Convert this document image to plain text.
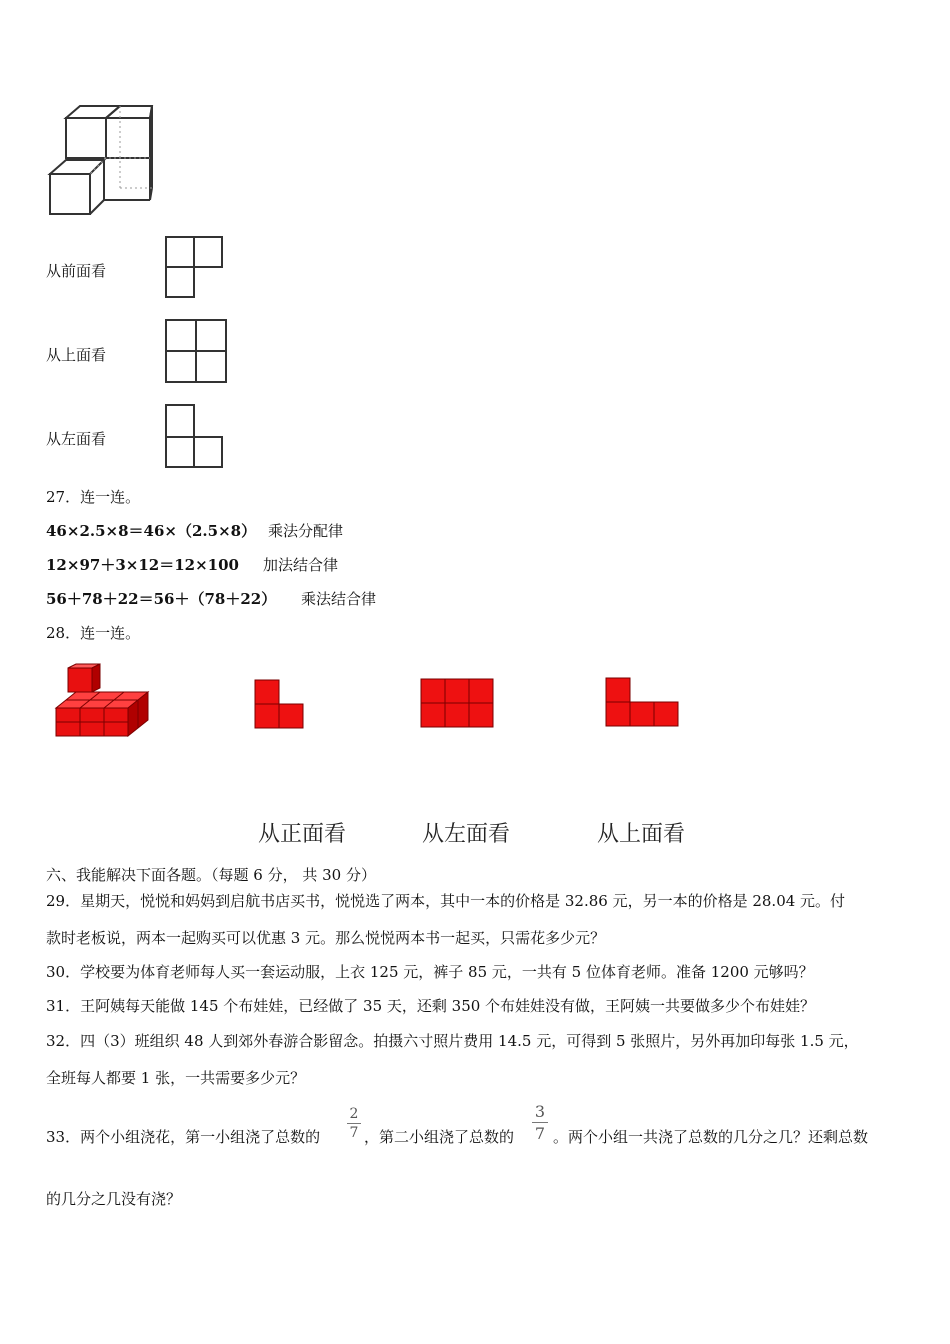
从前面看
从上面看
从左面看
27．连一连。
46×2.5×8＝46×（2.5×8） 乘法分配律
12×97＋3×12＝12×100 加法结合律
56＋78＋22＝56＋（78＋22） 乘法结合律
28．连一连。
从正面看	从左面看	从上面看
六、我能解决下面各题。（每题 6 分， 共 30 分）
29．星期天，悦悦和妈妈到启航书店买书，悦悦选了两本，其中一本的价格是 32.86 元，另一本的价格是 28.04 元。付
款时老板说，两本一起购买可以优惠 3 元。那么悦悦两本书一起买，只需花多少元？
30．学校要为体育老师每人买一套运动服，上衣 125 元，裤子 85 元，一共有 5 位体育老师。准备 1200 元够吗？
31．王阿姨每天能做 145 个布娃娃，已经做了 35 天，还剩 350 个布娃娃没有做，王阿姨一共要做多少个布娃娃？
32．四（3）班组织 48 人到郊外春游合影留念。拍摄六寸照片费用 14.5 元，可得到 5 张照片，另外再加印每张 1.5 元，
全班每人都要 1 张，一共需要多少元？
33．两个小组浇花，第一小组浇了总数的
2
7 ，第二小组浇了总数的
3
7 。两个小组一共浇了总数的几分之几？还剩总数
的几分之几没有浇？
